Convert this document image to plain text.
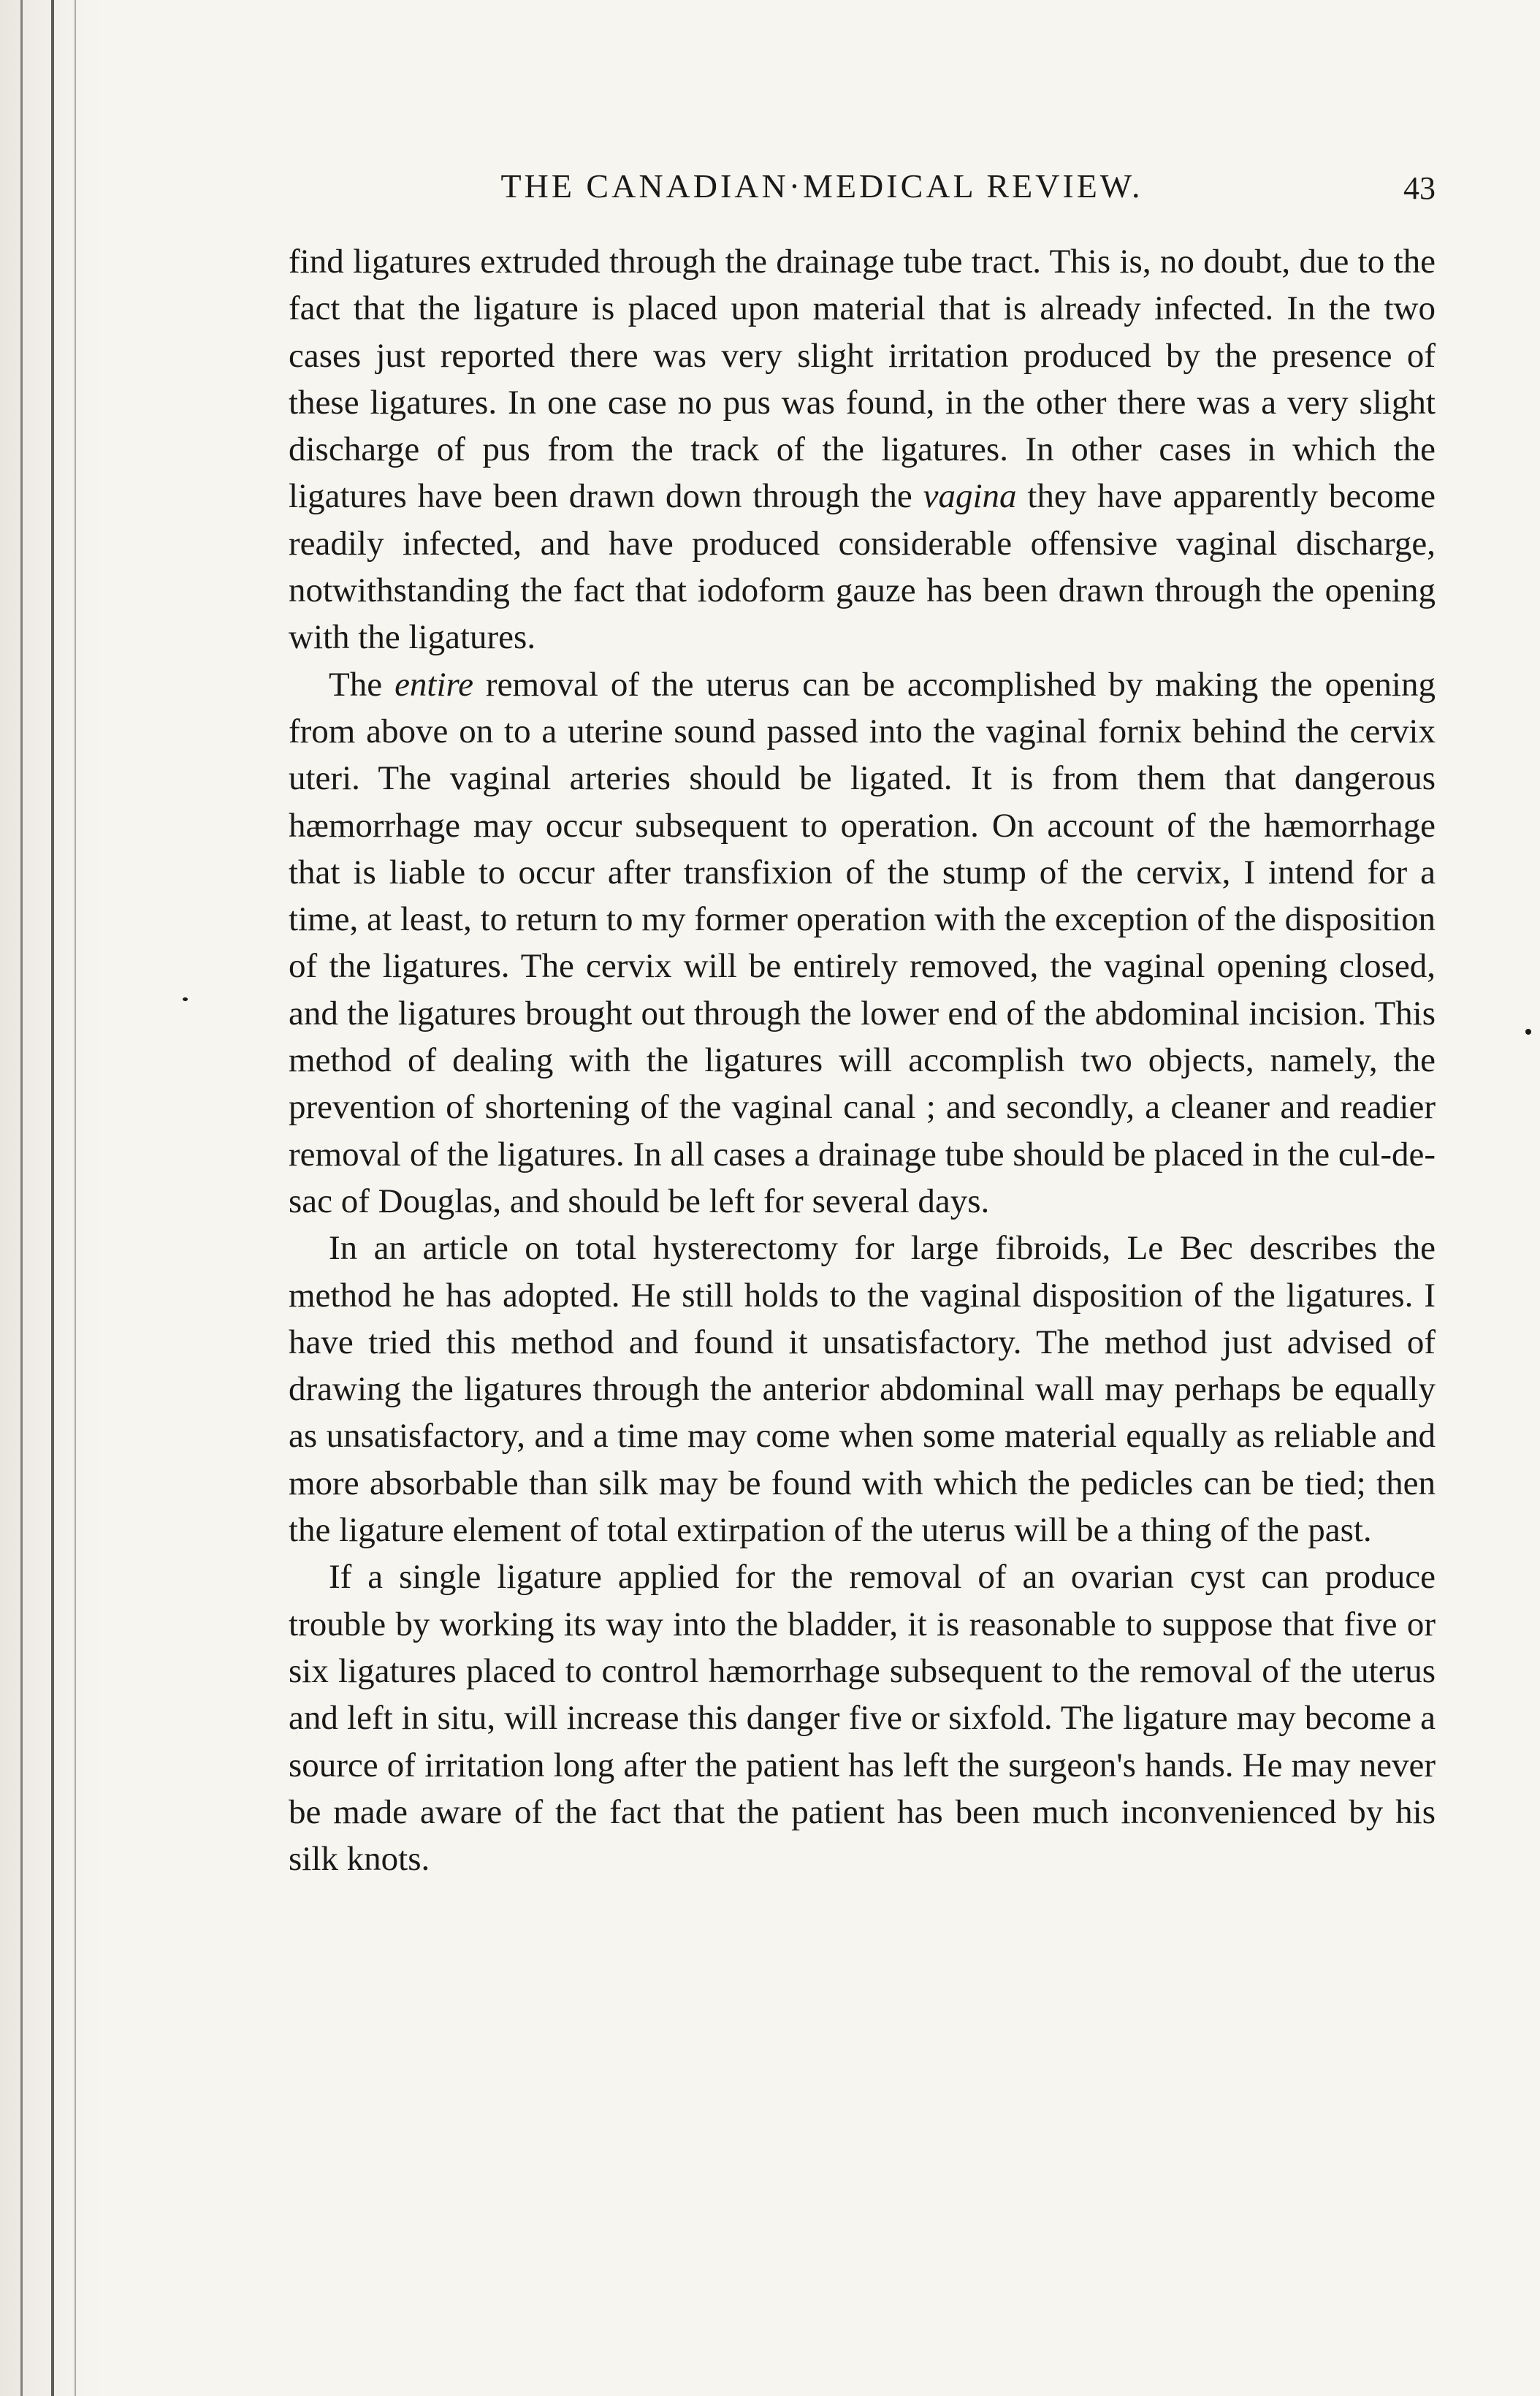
THE CANADIAN·MEDICAL REVIEW.	43

find ligatures extruded through the drainage tube tract. This is, no doubt, due to the fact that the ligature is placed upon material that is already infected. In the two cases just reported there was very slight irritation produced by the presence of these ligatures. In one case no pus was found, in the other there was a very slight discharge of pus from the track of the ligatures. In other cases in which the ligatures have been drawn down through the vagina they have apparently become readily infected, and have produced considerable offensive vaginal discharge, notwithstanding the fact that iodoform gauze has been drawn through the opening with the ligatures.

The entire removal of the uterus can be accomplished by making the opening from above on to a uterine sound passed into the vaginal fornix behind the cervix uteri. The vaginal arteries should be ligated. It is from them that dangerous hæmorrhage may occur subsequent to operation. On account of the hæmorrhage that is liable to occur after transfixion of the stump of the cervix, I intend for a time, at least, to return to my former operation with the exception of the disposition of the ligatures. The cervix will be entirely removed, the vaginal opening closed, and the ligatures brought out through the lower end of the abdominal incision. This method of dealing with the ligatures will accomplish two objects, namely, the prevention of shortening of the vaginal canal ; and secondly, a cleaner and readier removal of the ligatures. In all cases a drainage tube should be placed in the cul-de-sac of Douglas, and should be left for several days.

In an article on total hysterectomy for large fibroids, Le Bec describes the method he has adopted. He still holds to the vaginal disposition of the ligatures. I have tried this method and found it unsatisfactory. The method just advised of drawing the ligatures through the anterior abdominal wall may perhaps be equally as unsatisfactory, and a time may come when some material equally as reliable and more absorbable than silk may be found with which the pedicles can be tied; then the ligature element of total extirpation of the uterus will be a thing of the past.

If a single ligature applied for the removal of an ovarian cyst can produce trouble by working its way into the bladder, it is reasonable to suppose that five or six ligatures placed to control hæmorrhage subsequent to the removal of the uterus and left in situ, will increase this danger five or sixfold. The ligature may become a source of irritation long after the patient has left the surgeon's hands. He may never be made aware of the fact that the patient has been much inconvenienced by his silk knots.
